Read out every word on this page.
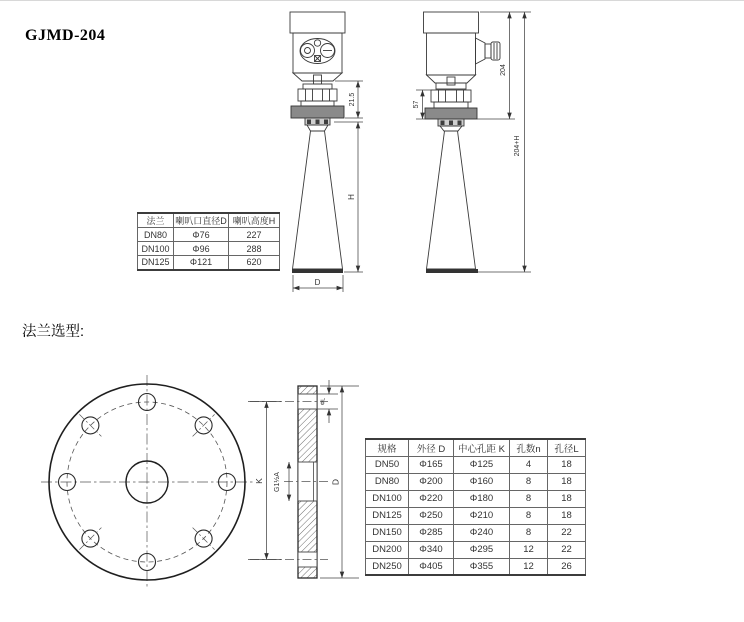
GJMD-204
法兰选型:
21.5
H
D
57
204
204+H
K G1½A	D
ΦL
法兰	喇叭口直径D	喇叭高度H
DN80	Φ76	227
DN100	Φ96	288
DN125	Φ121	620
规格	外径 D	中心孔距 K	孔数n	孔径L
DN50	Φ165	Φ125	4	18
DN80	Φ200	Φ160	8	18
DN100	Φ220	Φ180	8	18
DN125	Φ250	Φ210	8	18
DN150	Φ285	Φ240	8	22
DN200	Φ340	Φ295	12	22
DN250	Φ405	Φ355	12	26
